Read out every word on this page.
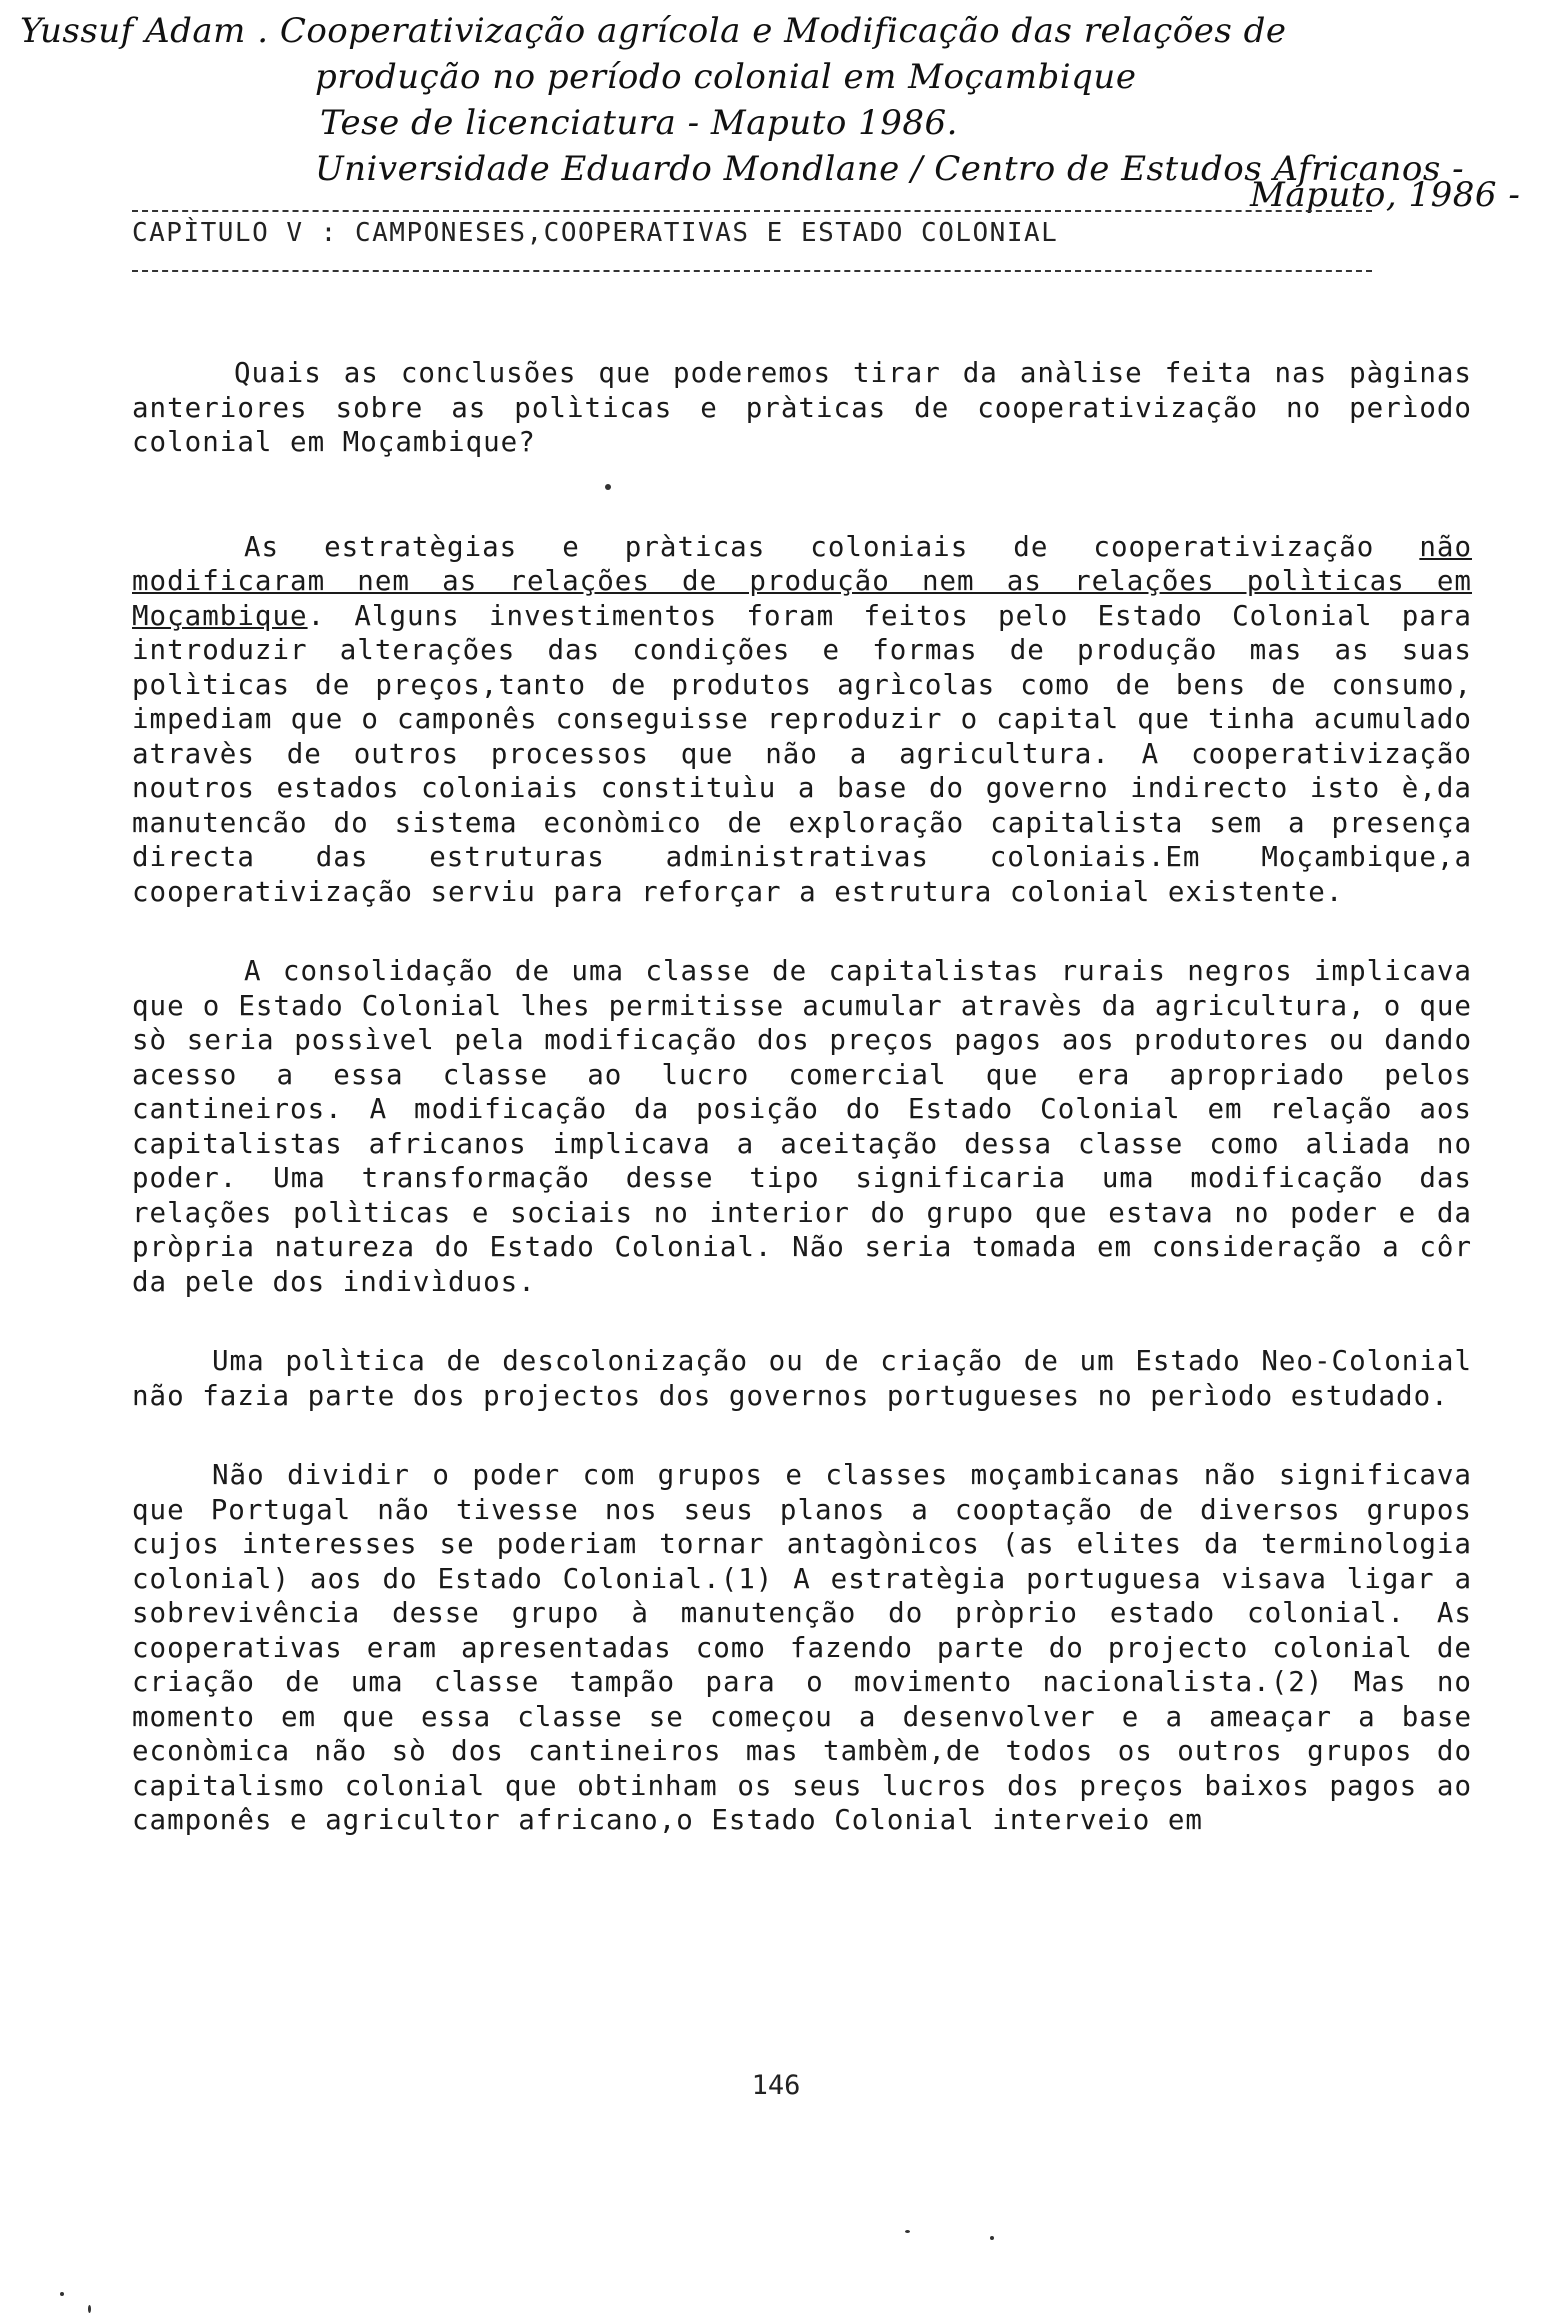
Yussuf Adam . Cooperativização agrícola e Modificação das relações de
produção no período colonial em Moçambique
Tese de licenciatura - Maputo 1986.
Universidade Eduardo Mondlane / Centro de Estudos Africanos -
Maputo, 1986 -
CAPÌTULO V : CAMPONESES,COOPERATIVAS E ESTADO COLONIAL

Quais as conclusões que poderemos tirar da anàlise feita nas pàginas anteriores sobre as polìticas e pràticas de cooperativização no perìodo colonial em Moçambique?

As estratègias e pràticas coloniais de cooperativização não modificaram nem as relações de produção nem as relações polìticas em Moçambique. Alguns investimentos foram feitos pelo Estado Colonial para introduzir alterações das condições e formas de produção mas as suas polìticas de preços,tanto de produtos agrìcolas como de bens de consumo, impediam que o camponês conseguisse reproduzir o capital que tinha acumulado atravès de outros processos que não a agricultura. A cooperativização noutros estados coloniais constituìu a base do governo indirecto isto è,da manutencão do sistema econòmico de exploração capitalista sem a presença directa das estruturas administrativas coloniais.Em Moçambique,a cooperativização serviu para reforçar a estrutura colonial existente.

A consolidação de uma classe de capitalistas rurais negros implicava que o Estado Colonial lhes permitisse acumular atravès da agricultura, o que sò seria possìvel pela modificação dos preços pagos aos produtores ou dando acesso a essa classe ao lucro comercial que era apropriado pelos cantineiros. A modificação da posição do Estado Colonial em relação aos capitalistas africanos implicava a aceitação dessa classe como aliada no poder. Uma transformação desse tipo significaria uma modificação das relações polìticas e sociais no interior do grupo que estava no poder e da pròpria natureza do Estado Colonial. Não seria tomada em consideração a côr da pele dos indivìduos.

Uma polìtica de descolonização ou de criação de um Estado Neo-Colonial não fazia parte dos projectos dos governos portugueses no perìodo estudado.

Não dividir o poder com grupos e classes moçambicanas não significava que Portugal não tivesse nos seus planos a cooptação de diversos grupos cujos interesses se poderiam tornar antagònicos (as elites da terminologia colonial) aos do Estado Colonial.(1) A estratègia portuguesa visava ligar a sobrevivência desse grupo à manutenção do pròprio estado colonial. As cooperativas eram apresentadas como fazendo parte do projecto colonial de criação de uma classe tampão para o movimento nacionalista.(2) Mas no momento em que essa classe se começou a desenvolver e a ameaçar a base econòmica não sò dos cantineiros mas tambèm,de todos os outros grupos do capitalismo colonial que obtinham os seus lucros dos preços baixos pagos ao camponês e agricultor africano,o Estado Colonial interveio em

146
